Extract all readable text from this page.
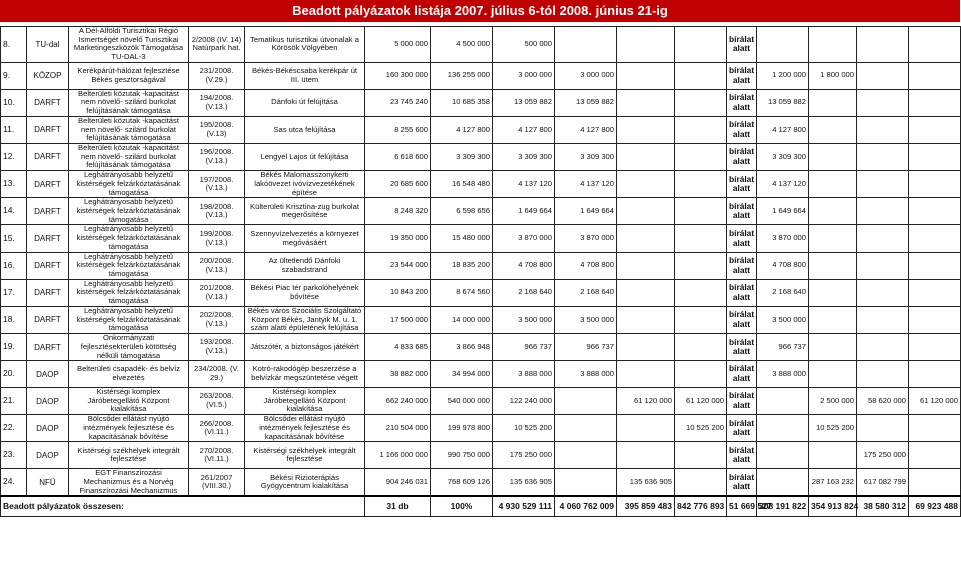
Beadott pályázatok listája 2007. július 6-tól 2008. június 21-ig
8.	TU-dal	A Dél-Alföldi Turisztikai Régió Ismertségét növelő Turisztikai Marketingeszközök Támogatása TU-DAL-3	2/2008 (IV. 14) Natúrpark hat.	Tematikus turisztikai útvonalak a Körösök Völgyében	5 000 000	4 500 000	500 000				bírálat alatt					
9.	KÖZOP	Kerékpárút-hálózat fejlesztése Békés gesztorságával	231/2008. (V.29.)	Békés-Békéscsaba kerékpár út III. ütem	160 300 000	136 255 000	3 000 000	3 000 000			bírálat alatt	1 200 000	1 800 000			
10.	DARFT	Belterületi közutak -kapacitást nem növelő- szilárd burkolat felújításának támogatása	194/2008. (V.13.)	Dánfoki út felújítása	23 745 240	10 685 358	13 059 882	13 059 882			bírálat alatt	13 059 882				
11.	DARFT	Belterületi közutak -kapacitást nem növelő- szilárd burkolat felújításának támogatása	195/2008. (V.13)	Sas utca felújítása	8 255 600	4 127 800	4 127 800	4 127 800			bírálat alatt	4 127 800				
12.	DARFT	Belterületi közutak -kapacitást nem növelő- szilárd burkolat felújításának támogatása	196/2008. (V.13.)	Lengyel Lajos út felújítása	6 618 600	3 309 300	3 309 300	3 309 300			bírálat alatt	3 309 300				
13.	DARFT	Leghátrányosabb helyzetű kistérségek felzárkóztatásának támogatása	197/2008. (V.13.)	Békés Malomasszonykerti lakóövezet ivóvízvezetékének építése	20 685 600	16 548 480	4 137 120	4 137 120			bírálat alatt	4 137 120				
14.	DARFT	Leghátrányosabb helyzetű kistérségek felzárkóztatásának támogatása	198/2008. (V.13.)	Külterületi Krisztina-zug burkolat megerősítése	8 248 320	6 598 656	1 649 664	1 649 664			bírálat alatt	1 649 664				
15.	DARFT	Leghátrányosabb helyzetű kistérségek felzárkóztatásának támogatása	199/2008. (V.13.)	Szennyvízelvezetés a környezet megóvásáért	19 350 000	15 480 000	3 870 000	3 870 000			bírálat alatt	3 870 000				
16.	DARFT	Leghátrányosabb helyzetű kistérségek felzárkóztatásának támogatása	200/2008. (V.13.)	Az ültetlendő Dánfoki szabadstrand	23 544 000	18 835 200	4 708 800	4 708 800			bírálat alatt	4 708 800				
17.	DARFT	Leghátrányosabb helyzetű kistérségek felzárkóztatásának támogatása	201/2008. (V.13.)	Békési Piac tér parkolóhelyének bővítése	10 843 200	8 674 560	2 168 640	2 168 640			bírálat alatt	2 168 640				
18.	DARFT	Leghátrányosabb helyzetű kistérségek felzárkóztatásának támogatása	202/2008. (V.13.)	Békés város Szociális Szolgáltató Központ Békés, Jantyik M. u. 1. szám alatti épületének felújítása	17 500 000	14 000 000	3 500 000	3 500 000			bírálat alatt	3 500 000				
19.	DARFT	Önkormányzati fejlesztésekterületi kötöttség nélküli támogatása	193/2008. (V.13.)	Játszótér, a biztonságos játékért	4 833 685	3 866 948	966 737	966 737			bírálat alatt	966 737				
20.	DAOP	Belterületi csapadék- és belvíz elvezetés	234/2008. (V. 29.)	Kotró-rakodógép beszerzése a belvízkár megszüntetése végett	38 882 000	34 994 000	3 888 000	3 888 000			bírálat alatt	3 888 000				
21.	DAOP	Kistérségi komplex Járóbetegellátó Központ kialakítása	263/2008. (VI.5.)	Kistérségi komplex Járóbetegellátó Központ kialakítása	662 240 000	540 000 000	122 240 000		61 120 000	61 120 000	bírálat alatt		2 500 000	58 620 000	61 120 000	
22.	DAOP	Bölcsődei ellátást nyújtó intézmények fejlesztése és kapacitásának bővítése	266/2008. (VI.11.)	Bölcsődei ellátást nyújtó intézmények fejlesztése és kapacitásának bővítése	210 504 000	199 978 800	10 525 200			10 525 200	bírálat alatt		10 525 200			
23.	DAOP	Kistérségi székhelyek integrált fejlesztése	270/2008. (VI.11.)	Kistérségi székhelyek integrált fejlesztése	1 166 000 000	990 750 000	175 250 000				bírálat alatt			175 250 000		
24.	NFÜ	EGT Finanszírozási Mechanizmus és a Norvég Finanszírozási Mechanizmus	261/2007 (VIII.30.)	Békési Rizioterápiás Gyógycentrum kialakítása	904 246 031	768 609 126	135 636 905		135 636 905		bírálat alatt		287 163 232	617 082 799		
Beadott pályázatok összesen:					31 db	100%	4 930 529 111	4 060 762 009	395 859 483	842 776 893	51 669 527	308 191 822	354 913 824	38 580 312	69 923 488		
